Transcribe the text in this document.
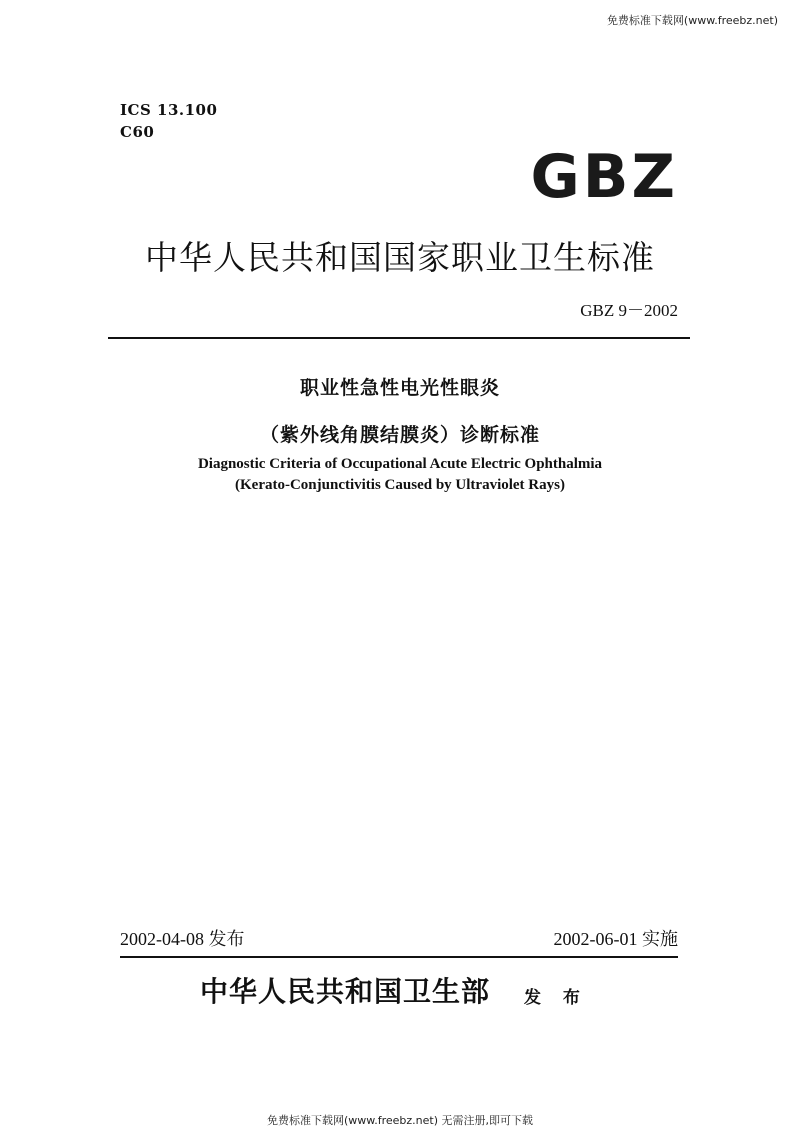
免费标准下载网(www.freebz.net)
ICS 13.100
C60
GBZ
中华人民共和国国家职业卫生标准
GBZ 9－2002
职业性急性电光性眼炎
（紫外线角膜结膜炎）诊断标准
Diagnostic Criteria of Occupational Acute Electric Ophthalmia
(Kerato-Conjunctivitis Caused by Ultraviolet Rays)
2002-04-08 发布	2002-06-01 实施
中华人民共和国卫生部 发 布
免费标准下载网(www.freebz.net) 无需注册,即可下载
